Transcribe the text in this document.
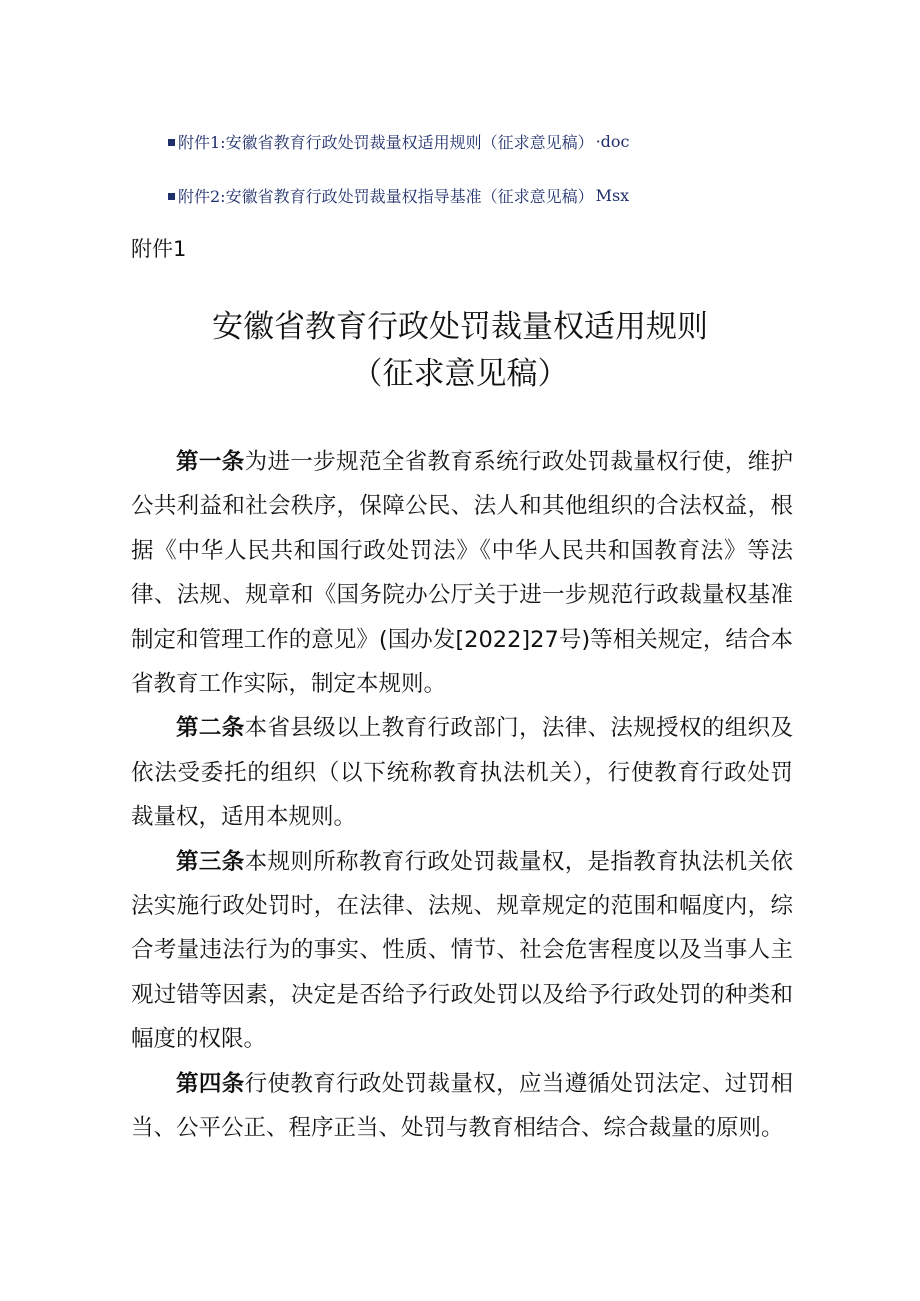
附件1:安徽省教育行政处罚裁量权适用规则（征求意见稿） ·doc
附件2:安徽省教育行政处罚裁量权指导基准（征求意见稿） Msx
附件1
安徽省教育行政处罚裁量权适用规则
（征求意见稿）

第一条为进一步规范全省教育系统行政处罚裁量权行使，维护公共利益和社会秩序，保障公民、法人和其他组织的合法权益，根据《中华人民共和国行政处罚法》《中华人民共和国教育法》等法律、法规、规章和《国务院办公厅关于进一步规范行政裁量权基准制定和管理工作的意见》(国办发[2022]27号)等相关规定，结合本省教育工作实际，制定本规则。

第二条本省县级以上教育行政部门，法律、法规授权的组织及依法受委托的组织（以下统称教育执法机关），行使教育行政处罚裁量权，适用本规则。

第三条本规则所称教育行政处罚裁量权，是指教育执法机关依法实施行政处罚时，在法律、法规、规章规定的范围和幅度内，综合考量违法行为的事实、性质、情节、社会危害程度以及当事人主观过错等因素，决定是否给予行政处罚以及给予行政处罚的种类和幅度的权限。

第四条行使教育行政处罚裁量权，应当遵循处罚法定、过罚相当、公平公正、程序正当、处罚与教育相结合、综合裁量的原则。
